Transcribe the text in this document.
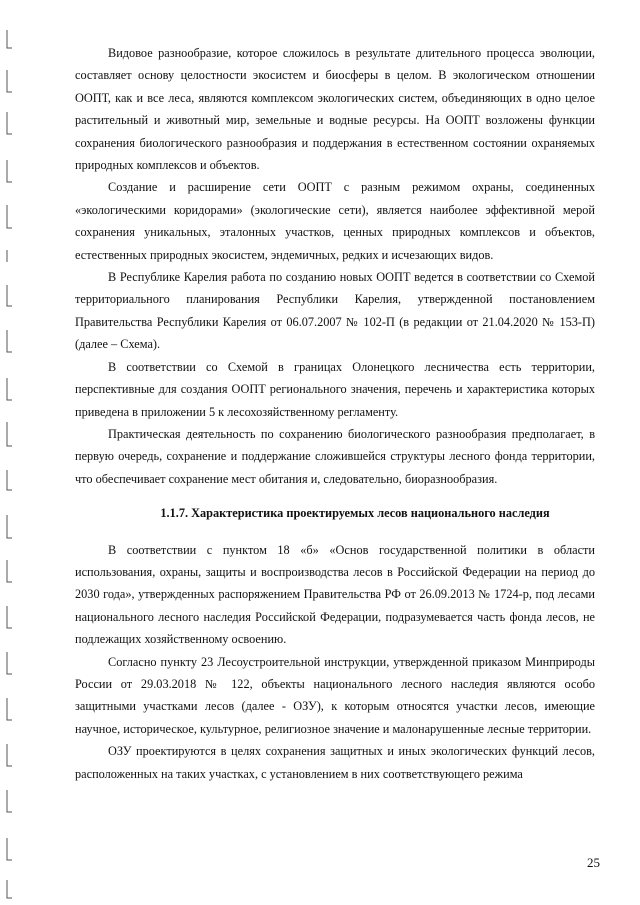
Видовое разнообразие, которое сложилось в результате длительного процесса эволюции, составляет основу целостности экосистем и биосферы в целом. В экологическом отношении ООПТ, как и все леса, являются комплексом экологических систем, объединяющих в одно целое растительный и животный мир, земельные и водные ресурсы. На ООПТ возложены функции сохранения биологического разнообразия и поддержания в естественном состоянии охраняемых природных комплексов и объектов.

Создание и расширение сети ООПТ с разным режимом охраны, соединенных «экологическими коридорами» (экологические сети), является наиболее эффективной мерой сохранения уникальных, эталонных участков, ценных природных комплексов и объектов, естественных природных экосистем, эндемичных, редких и исчезающих видов.

В Республике Карелия работа по созданию новых ООПТ ведется в соответствии со Схемой территориального планирования Республики Карелия, утвержденной постановлением Правительства Республики Карелия от 06.07.2007 № 102-П (в редакции от 21.04.2020 № 153-П) (далее – Схема).

В соответствии со Схемой в границах Олонецкого лесничества есть территории, перспективные для создания ООПТ регионального значения, перечень и характеристика которых приведена в приложении 5 к лесохозяйственному регламенту.

Практическая деятельность по сохранению биологического разнообразия предполагает, в первую очередь, сохранение и поддержание сложившейся структуры лесного фонда территории, что обеспечивает сохранение мест обитания и, следовательно, биоразнообразия.

1.1.7. Характеристика проектируемых лесов национального наследия

В соответствии с пунктом 18 «б» «Основ государственной политики в области использования, охраны, защиты и воспроизводства лесов в Российской Федерации на период до 2030 года», утвержденных распоряжением Правительства РФ от 26.09.2013 № 1724-р, под лесами национального лесного наследия Российской Федерации, подразумевается часть фонда лесов, не подлежащих хозяйственному освоению.

Согласно пункту 23 Лесоустроительной инструкции, утвержденной приказом Минприроды России от 29.03.2018 № 122, объекты национального лесного наследия являются особо защитными участками лесов (далее - ОЗУ), к которым относятся участки лесов, имеющие научное, историческое, культурное, религиозное значение и малонарушенные лесные территории.

ОЗУ проектируются в целях сохранения защитных и иных экологических функций лесов, расположенных на таких участках, с установлением в них соответствующего режима

25
